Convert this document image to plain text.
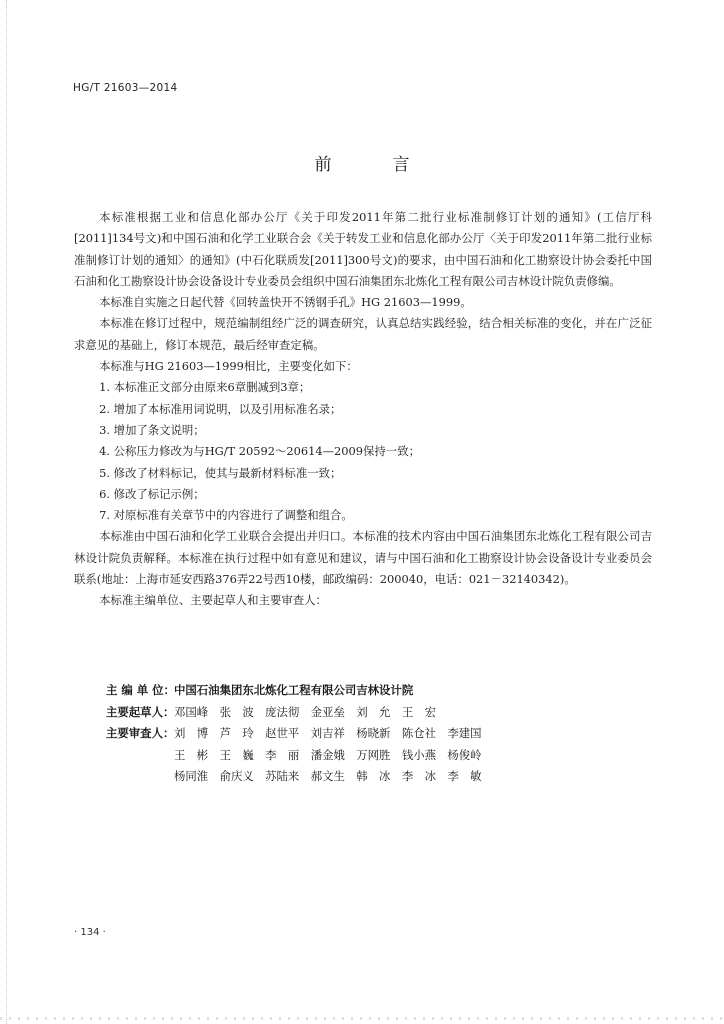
HG/T 21603—2014
前　言

本标准根据工业和信息化部办公厅《关于印发2011年第二批行业标准制修订计划的通知》(工信厅科[2011]134号文)和中国石油和化学工业联合会《关于转发工业和信息化部办公厅〈关于印发2011年第二批行业标准制修订计划的通知〉的通知》(中石化联质发[2011]300号文)的要求，由中国石油和化工勘察设计协会委托中国石油和化工勘察设计协会设备设计专业委员会组织中国石油集团东北炼化工程有限公司吉林设计院负责修编。

本标准自实施之日起代替《回转盖快开不锈钢手孔》HG 21603—1999。

本标准在修订过程中，规范编制组经广泛的调查研究，认真总结实践经验，结合相关标准的变化，并在广泛征求意见的基础上，修订本规范，最后经审查定稿。

本标准与HG 21603—1999相比，主要变化如下：

1. 本标准正文部分由原来6章删减到3章；
2. 增加了本标准用词说明，以及引用标准名录；
3. 增加了条文说明；
4. 公称压力修改为与HG/T 20592～20614—2009保持一致；
5. 修改了材料标记，使其与最新材料标准一致；
6. 修改了标记示例；
7. 对原标准有关章节中的内容进行了调整和组合。

本标准由中国石油和化学工业联合会提出并归口。本标准的技术内容由中国石油集团东北炼化工程有限公司吉林设计院负责解释。本标准在执行过程中如有意见和建议，请与中国石油和化工勘察设计协会设备设计专业委员会联系(地址：上海市延安西路376弄22号西10楼，邮政编码：200040，电话：021－32140342)。

本标准主编单位、主要起草人和主要审查人：

主 编 单 位：中国石油集团东北炼化工程有限公司吉林设计院
主要起草人：邓国峰　张　波　庞法彻　金亚垒　刘　允　王　宏
主要审查人：刘　博　芦　玲　赵世平　刘吉祥　杨晓新　陈仓社　李建国
王　彬　王　巍　李　丽　潘金娥　万网胜　钱小燕　杨俊岭
杨同淮　俞庆义　苏陆来　郝文生　韩　冰　李　冰　李　敏
· 134 ·
